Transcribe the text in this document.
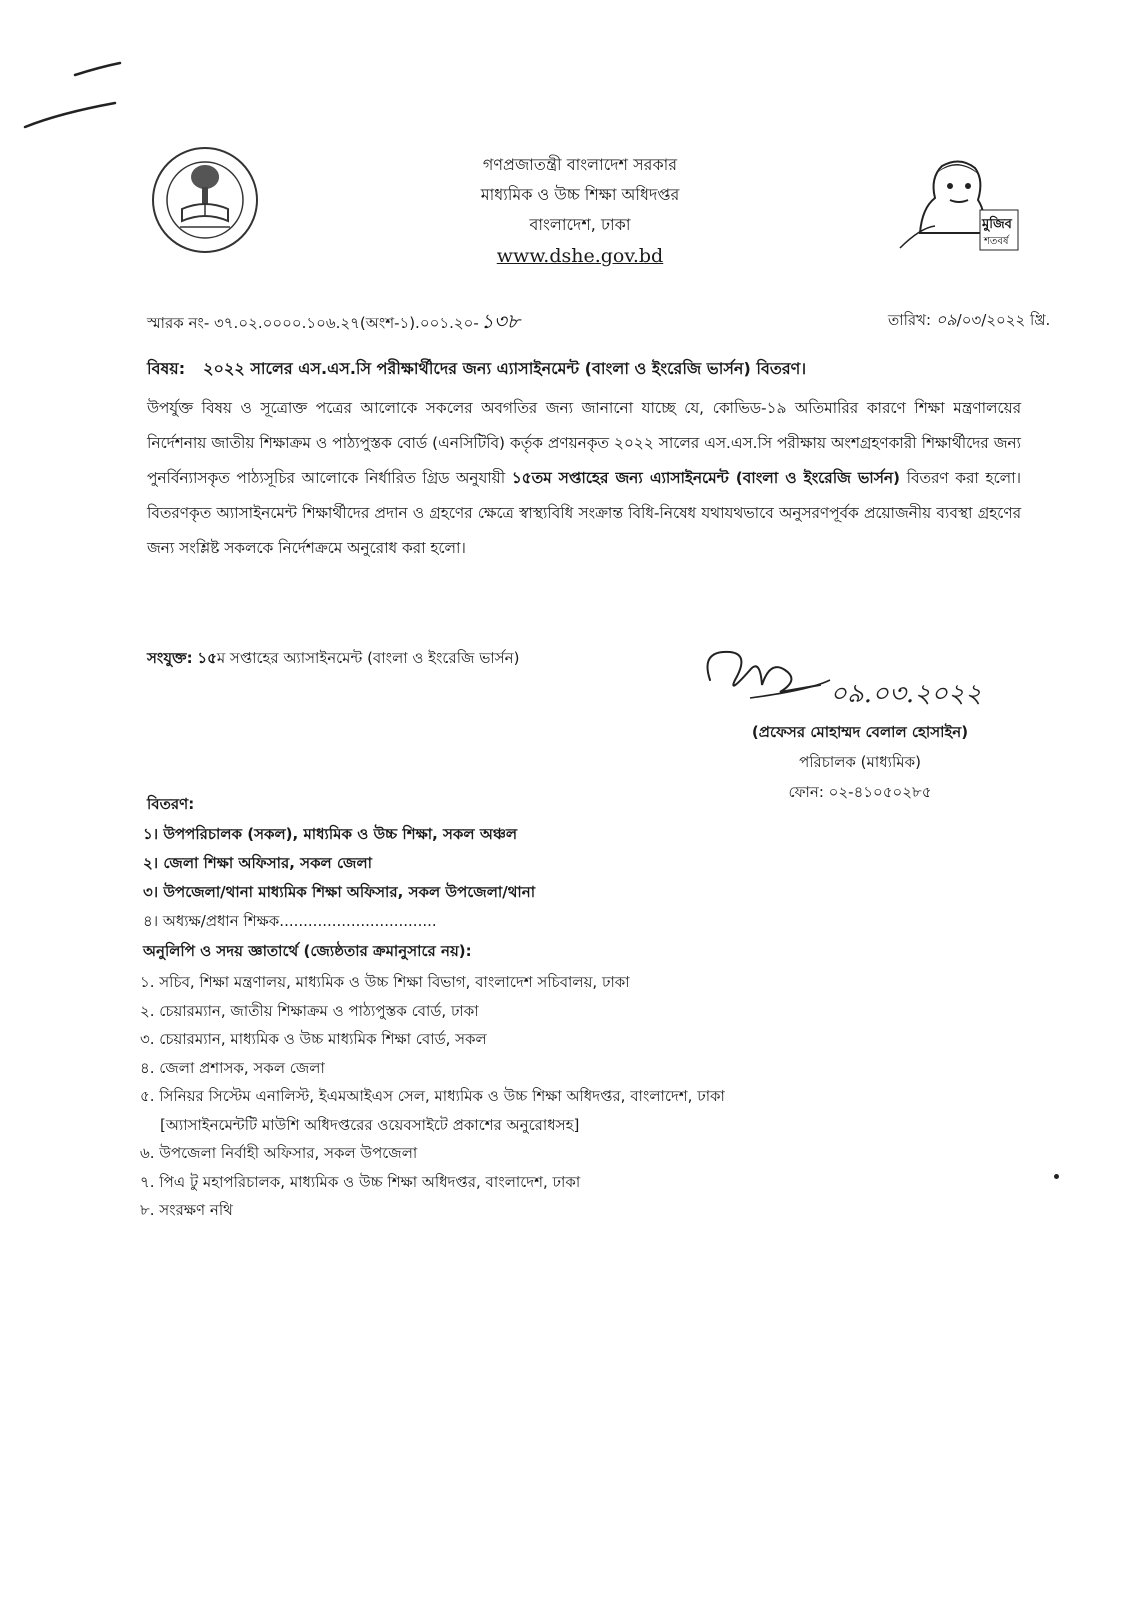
মুজিব
শতবর্ষ
গণপ্রজাতন্ত্রী বাংলাদেশ সরকার
মাধ্যমিক ও উচ্চ শিক্ষা অধিদপ্তর
বাংলাদেশ, ঢাকা
www.dshe.gov.bd
স্মারক নং- ৩৭.০২.০০০০.১০৬.২৭(অংশ-১).০০১.২০- ১৩৮	তারিখ: ০৯/০৩/২০২২ খ্রি.
বিষয়: ২০২২ সালের এস.এস.সি পরীক্ষার্থীদের জন্য এ্যাসাইনমেন্ট (বাংলা ও ইংরেজি ভার্সন) বিতরণ।
উপর্যুক্ত বিষয় ও সূত্রোক্ত পত্রের আলোকে সকলের অবগতির জন্য জানানো যাচ্ছে যে, কোভিড-১৯ অতিমারির কারণে শিক্ষা মন্ত্রণালয়ের নির্দেশনায় জাতীয় শিক্ষাক্রম ও পাঠ্যপুস্তক বোর্ড (এনসিটিবি) কর্তৃক প্রণয়নকৃত ২০২২ সালের এস.এস.সি পরীক্ষায় অংশগ্রহণকারী শিক্ষার্থীদের জন্য পুনর্বিন্যাসকৃত পাঠ্যসূচির আলোকে নির্ধারিত গ্রিড অনুযায়ী ১৫তম সপ্তাহের জন্য এ্যাসাইনমেন্ট (বাংলা ও ইংরেজি ভার্সন) বিতরণ করা হলো। বিতরণকৃত অ্যাসাইনমেন্ট শিক্ষার্থীদের প্রদান ও গ্রহণের ক্ষেত্রে স্বাস্থ্যবিধি সংক্রান্ত বিধি-নিষেধ যথাযথভাবে অনুসরণপূর্বক প্রয়োজনীয় ব্যবস্থা গ্রহণের জন্য সংশ্লিষ্ট সকলকে নির্দেশক্রমে অনুরোধ করা হলো।
সংযুক্ত: ১৫ম সপ্তাহের অ্যাসাইনমেন্ট (বাংলা ও ইংরেজি ভার্সন)
০৯.০৩.২০২২
(প্রফেসর মোহাম্মদ বেলাল হোসাইন)
পরিচালক (মাধ্যমিক)
ফোন: ০২-৪১০৫০২৮৫
বিতরণ:
১। উপপরিচালক (সকল), মাধ্যমিক ও উচ্চ শিক্ষা, সকল অঞ্চল
২। জেলা শিক্ষা অফিসার, সকল জেলা
৩। উপজেলা/থানা মাধ্যমিক শিক্ষা অফিসার, সকল উপজেলা/থানা
৪। অধ্যক্ষ/প্রধান শিক্ষক.................................
অনুলিপি ও সদয় জ্ঞাতার্থে (জ্যেষ্ঠতার ক্রমানুসারে নয়):
১. সচিব, শিক্ষা মন্ত্রণালয়, মাধ্যমিক ও উচ্চ শিক্ষা বিভাগ, বাংলাদেশ সচিবালয়, ঢাকা
২. চেয়ারম্যান, জাতীয় শিক্ষাক্রম ও পাঠ্যপুস্তক বোর্ড, ঢাকা
৩. চেয়ারম্যান, মাধ্যমিক ও উচ্চ মাধ্যমিক শিক্ষা বোর্ড, সকল
৪. জেলা প্রশাসক, সকল জেলা
৫. সিনিয়র সিস্টেম এনালিস্ট, ইএমআইএস সেল, মাধ্যমিক ও উচ্চ শিক্ষা অধিদপ্তর, বাংলাদেশ, ঢাকা
[অ্যাসাইনমেন্টটি মাউশি অধিদপ্তরের ওয়েবসাইটে প্রকাশের অনুরোধসহ]
৬. উপজেলা নির্বাহী অফিসার, সকল উপজেলা
৭. পিএ টু মহাপরিচালক, মাধ্যমিক ও উচ্চ শিক্ষা অধিদপ্তর, বাংলাদেশ, ঢাকা
৮. সংরক্ষণ নথি
